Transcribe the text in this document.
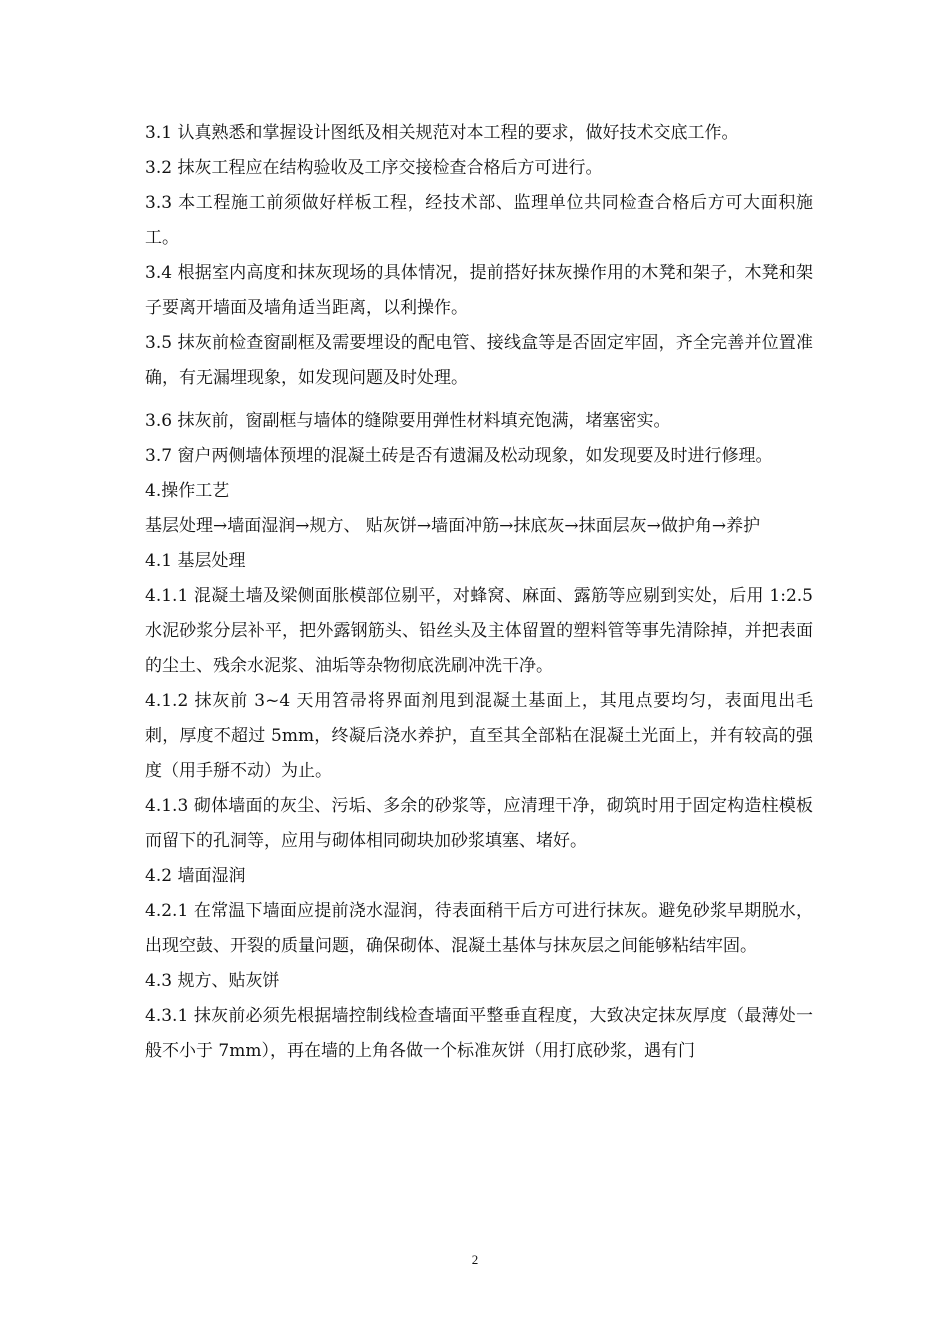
3.1 认真熟悉和掌握设计图纸及相关规范对本工程的要求，做好技术交底工作。

3.2 抹灰工程应在结构验收及工序交接检查合格后方可进行。

3.3 本工程施工前须做好样板工程，经技术部、监理单位共同检查合格后方可大面积施工。

3.4 根据室内高度和抹灰现场的具体情况，提前搭好抹灰操作用的木凳和架子，木凳和架子要离开墙面及墙角适当距离，以利操作。

3.5 抹灰前检查窗副框及需要埋设的配电管、接线盒等是否固定牢固，齐全完善并位置准确，有无漏埋现象，如发现问题及时处理。

3.6 抹灰前，窗副框与墙体的缝隙要用弹性材料填充饱满，堵塞密实。

3.7 窗户两侧墙体预埋的混凝土砖是否有遗漏及松动现象，如发现要及时进行修理。

4.操作工艺

基层处理→墙面湿润→规方、 贴灰饼→墙面冲筋→抹底灰→抹面层灰→做护角→养护

4.1 基层处理

4.1.1 混凝土墙及梁侧面胀模部位剔平，对蜂窝、麻面、露筋等应剔到实处，后用 1:2.5 水泥砂浆分层补平，把外露钢筋头、铅丝头及主体留置的塑料管等事先清除掉，并把表面的尘土、残余水泥浆、油垢等杂物彻底洗刷冲洗干净。

4.1.2 抹灰前 3~4 天用笤帚将界面剂甩到混凝土基面上，其甩点要均匀，表面甩出毛刺，厚度不超过 5mm，终凝后浇水养护，直至其全部粘在混凝土光面上，并有较高的强度（用手掰不动）为止。

4.1.3 砌体墙面的灰尘、污垢、多余的砂浆等，应清理干净，砌筑时用于固定构造柱模板而留下的孔洞等，应用与砌体相同砌块加砂浆填塞、堵好。

4.2 墙面湿润

4.2.1 在常温下墙面应提前浇水湿润，待表面稍干后方可进行抹灰。避免砂浆早期脱水，出现空鼓、开裂的质量问题，确保砌体、混凝土基体与抹灰层之间能够粘结牢固。

4.3 规方、贴灰饼

4.3.1 抹灰前必须先根据墙控制线检查墙面平整垂直程度，大致决定抹灰厚度（最薄处一般不小于 7mm），再在墙的上角各做一个标准灰饼（用打底砂浆，遇有门

2
